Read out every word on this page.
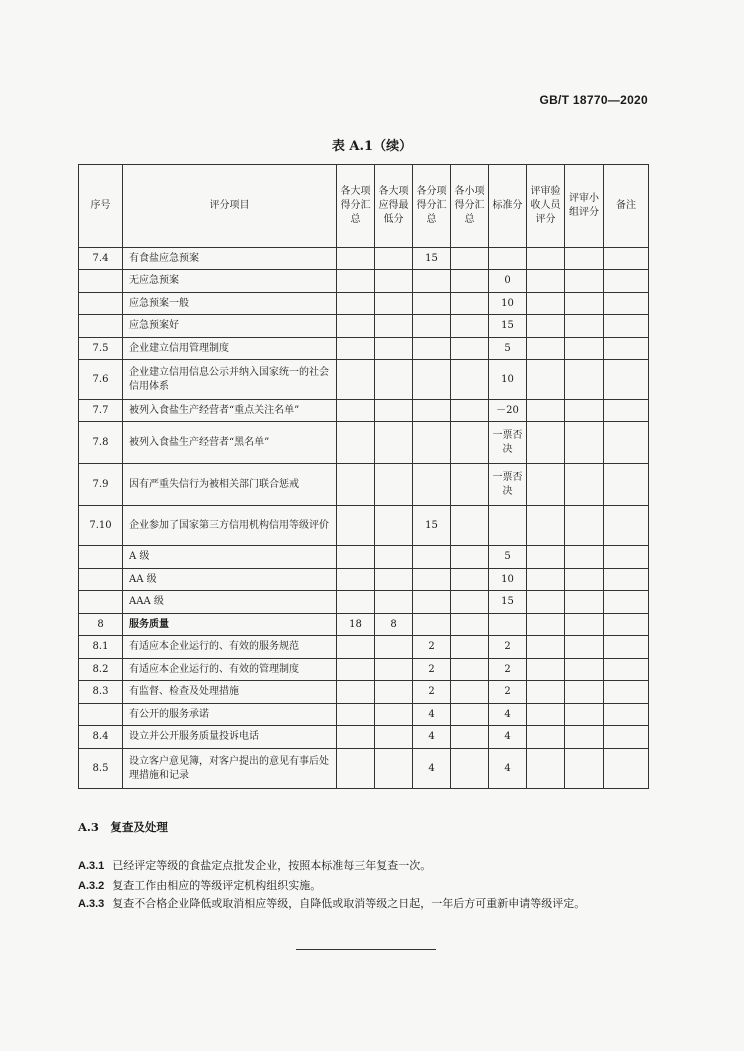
GB/T 18770—2020
表 A.1（续）
序号	评分项目	各大项得分汇总	各大项应得最低分	各分项得分汇总	各小项得分汇总	标准分	评审验收人员评分	评审小组评分	备注
7.4	有食盐应急预案			15					
	无应急预案					0			
	应急预案一般					10			
	应急预案好					15			
7.5	企业建立信用管理制度					5			
7.6	企业建立信用信息公示并纳入国家统一的社会信用体系					10			
7.7	被列入食盐生产经营者“重点关注名单”					－20			
7.8	被列入食盐生产经营者“黑名单”					一票否决			
7.9	因有严重失信行为被相关部门联合惩戒					一票否决			
7.10	企业参加了国家第三方信用机构信用等级评价			15					
	A 级					5			
	AA 级					10			
	AAA 级					15			
8	服务质量	18	8						
8.1	有适应本企业运行的、有效的服务规范			2		2			
8.2	有适应本企业运行的、有效的管理制度			2		2			
8.3	有监督、检查及处理措施			2		2			
	有公开的服务承诺			4		4			
8.4	设立并公开服务质量投诉电话			4		4			
8.5	设立客户意见簿，对客户提出的意见有事后处理措施和记录			4		4			
A.3　复查及处理
A.3.1 已经评定等级的食盐定点批发企业，按照本标准每三年复查一次。
A.3.2 复查工作由相应的等级评定机构组织实施。
A.3.3 复查不合格企业降低或取消相应等级，自降低或取消等级之日起，一年后方可重新申请等级评定。
